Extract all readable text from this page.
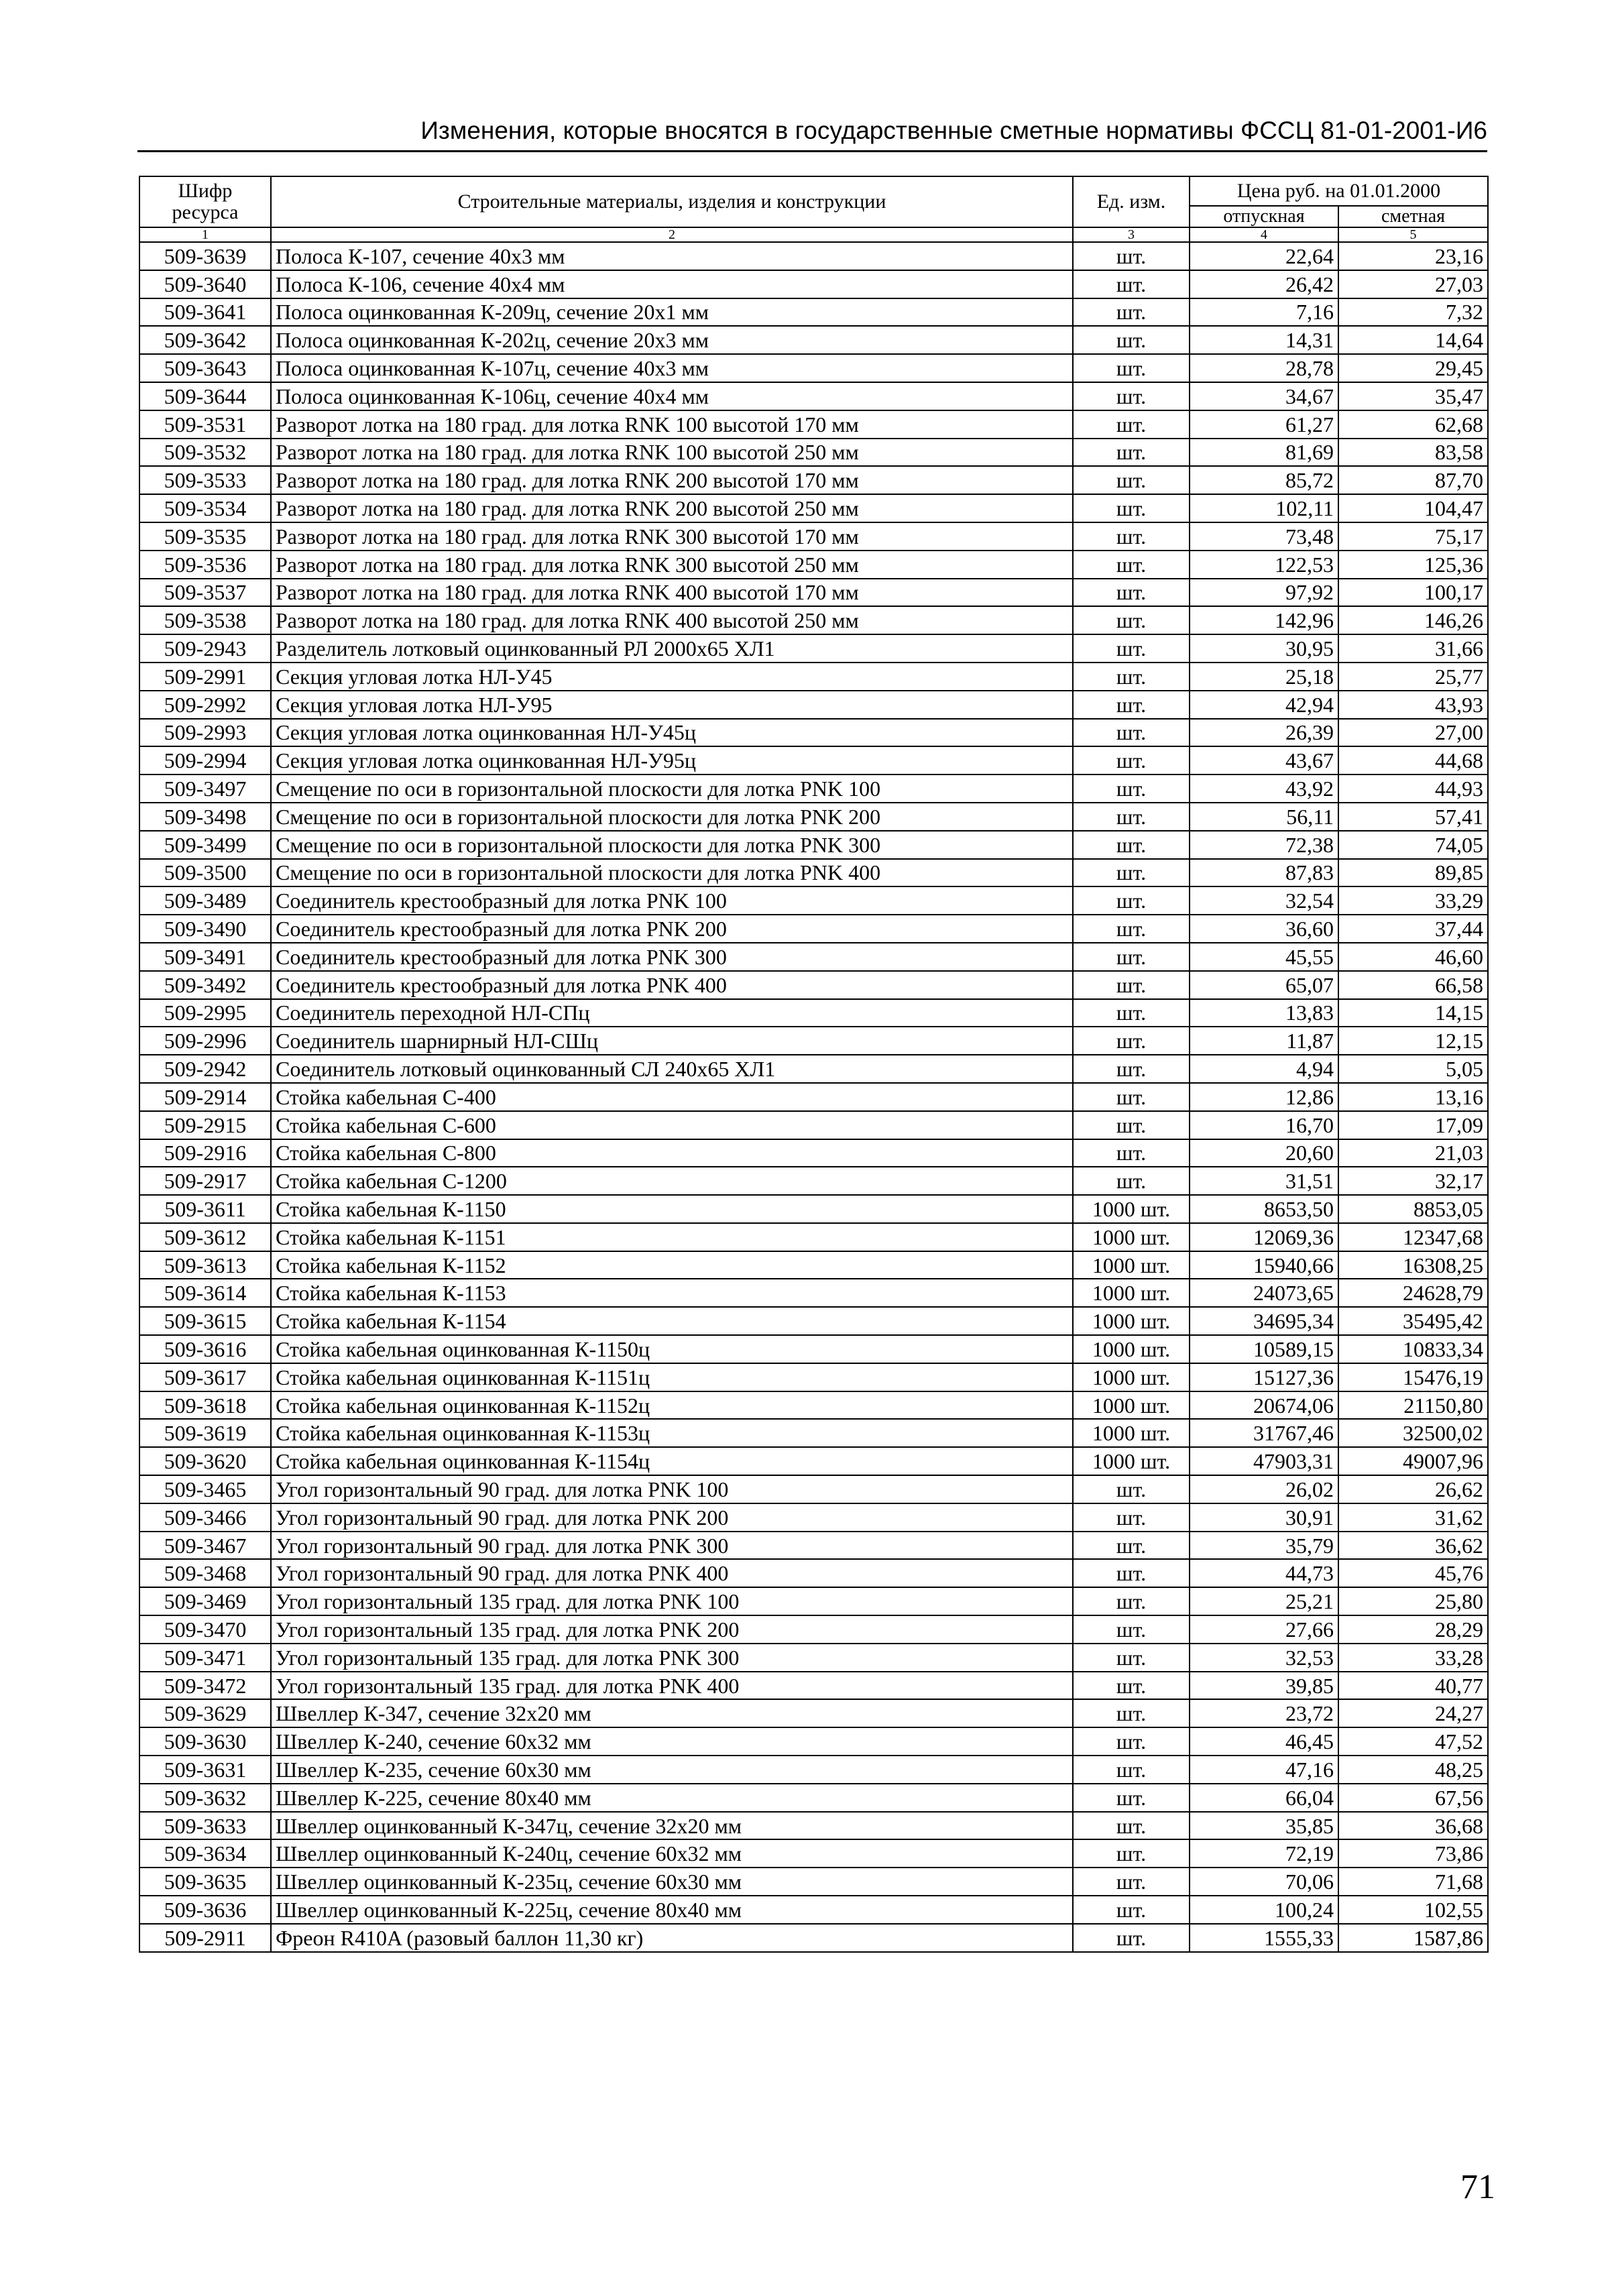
Изменения, которые вносятся в государственные сметные нормативы ФССЦ 81-01-2001-И6
Шифр ресурса	Строительные материалы, изделия и конструкции	Ед. изм.	Цена руб. на 01.01.2000	
			отпускная	сметная
1	2	3	4	5
509-3639	Полоса К-107, сечение 40х3 мм	шт.	22,64	23,16
509-3640	Полоса К-106, сечение 40х4 мм	шт.	26,42	27,03
509-3641	Полоса оцинкованная К-209ц, сечение 20х1 мм	шт.	7,16	7,32
509-3642	Полоса оцинкованная К-202ц, сечение 20х3 мм	шт.	14,31	14,64
509-3643	Полоса оцинкованная К-107ц, сечение 40х3 мм	шт.	28,78	29,45
509-3644	Полоса оцинкованная К-106ц, сечение 40х4 мм	шт.	34,67	35,47
509-3531	Разворот лотка на 180 град. для лотка RNK 100 высотой 170 мм	шт.	61,27	62,68
509-3532	Разворот лотка на 180 град. для лотка RNK 100 высотой 250 мм	шт.	81,69	83,58
509-3533	Разворот лотка на 180 град. для лотка RNK 200 высотой 170 мм	шт.	85,72	87,70
509-3534	Разворот лотка на 180 град. для лотка RNK 200 высотой 250 мм	шт.	102,11	104,47
509-3535	Разворот лотка на 180 град. для лотка RNK 300 высотой 170 мм	шт.	73,48	75,17
509-3536	Разворот лотка на 180 град. для лотка RNK 300 высотой 250 мм	шт.	122,53	125,36
509-3537	Разворот лотка на 180 град. для лотка RNK 400 высотой 170 мм	шт.	97,92	100,17
509-3538	Разворот лотка на 180 град. для лотка RNK 400 высотой 250 мм	шт.	142,96	146,26
509-2943	Разделитель лотковый оцинкованный РЛ 2000х65 ХЛ1	шт.	30,95	31,66
509-2991	Секция угловая лотка НЛ-У45	шт.	25,18	25,77
509-2992	Секция угловая лотка НЛ-У95	шт.	42,94	43,93
509-2993	Секция угловая лотка оцинкованная НЛ-У45ц	шт.	26,39	27,00
509-2994	Секция угловая лотка оцинкованная НЛ-У95ц	шт.	43,67	44,68
509-3497	Смещение по оси в горизонтальной плоскости для лотка PNK 100	шт.	43,92	44,93
509-3498	Смещение по оси в горизонтальной плоскости для лотка PNK 200	шт.	56,11	57,41
509-3499	Смещение по оси в горизонтальной плоскости для лотка PNK 300	шт.	72,38	74,05
509-3500	Смещение по оси в горизонтальной плоскости для лотка PNK 400	шт.	87,83	89,85
509-3489	Соединитель крестообразный для лотка PNK 100	шт.	32,54	33,29
509-3490	Соединитель крестообразный для лотка PNK 200	шт.	36,60	37,44
509-3491	Соединитель крестообразный для лотка PNK 300	шт.	45,55	46,60
509-3492	Соединитель крестообразный для лотка PNK 400	шт.	65,07	66,58
509-2995	Соединитель переходной НЛ-СПц	шт.	13,83	14,15
509-2996	Соединитель шарнирный НЛ-СШц	шт.	11,87	12,15
509-2942	Соединитель лотковый оцинкованный СЛ 240х65 ХЛ1	шт.	4,94	5,05
509-2914	Стойка кабельная С-400	шт.	12,86	13,16
509-2915	Стойка кабельная С-600	шт.	16,70	17,09
509-2916	Стойка кабельная С-800	шт.	20,60	21,03
509-2917	Стойка кабельная С-1200	шт.	31,51	32,17
509-3611	Стойка кабельная К-1150	1000 шт.	8653,50	8853,05
509-3612	Стойка кабельная К-1151	1000 шт.	12069,36	12347,68
509-3613	Стойка кабельная К-1152	1000 шт.	15940,66	16308,25
509-3614	Стойка кабельная К-1153	1000 шт.	24073,65	24628,79
509-3615	Стойка кабельная К-1154	1000 шт.	34695,34	35495,42
509-3616	Стойка кабельная оцинкованная К-1150ц	1000 шт.	10589,15	10833,34
509-3617	Стойка кабельная оцинкованная К-1151ц	1000 шт.	15127,36	15476,19
509-3618	Стойка кабельная оцинкованная К-1152ц	1000 шт.	20674,06	21150,80
509-3619	Стойка кабельная оцинкованная К-1153ц	1000 шт.	31767,46	32500,02
509-3620	Стойка кабельная оцинкованная К-1154ц	1000 шт.	47903,31	49007,96
509-3465	Угол горизонтальный 90 град. для лотка PNK 100	шт.	26,02	26,62
509-3466	Угол горизонтальный 90 град. для лотка PNK 200	шт.	30,91	31,62
509-3467	Угол горизонтальный 90 град. для лотка PNK 300	шт.	35,79	36,62
509-3468	Угол горизонтальный 90 град. для лотка PNK 400	шт.	44,73	45,76
509-3469	Угол горизонтальный 135 град. для лотка PNK 100	шт.	25,21	25,80
509-3470	Угол горизонтальный 135 град. для лотка PNK 200	шт.	27,66	28,29
509-3471	Угол горизонтальный 135 град. для лотка PNK 300	шт.	32,53	33,28
509-3472	Угол горизонтальный 135 град. для лотка PNK 400	шт.	39,85	40,77
509-3629	Швеллер К-347, сечение 32х20 мм	шт.	23,72	24,27
509-3630	Швеллер К-240, сечение 60х32 мм	шт.	46,45	47,52
509-3631	Швеллер К-235, сечение 60х30 мм	шт.	47,16	48,25
509-3632	Швеллер К-225, сечение 80х40 мм	шт.	66,04	67,56
509-3633	Швеллер оцинкованный К-347ц, сечение 32х20 мм	шт.	35,85	36,68
509-3634	Швеллер оцинкованный К-240ц, сечение 60х32 мм	шт.	72,19	73,86
509-3635	Швеллер оцинкованный К-235ц, сечение 60х30 мм	шт.	70,06	71,68
509-3636	Швеллер оцинкованный К-225ц, сечение 80х40 мм	шт.	100,24	102,55
509-2911	Фреон R410A (разовый баллон 11,30 кг)	шт.	1555,33	1587,86
71
